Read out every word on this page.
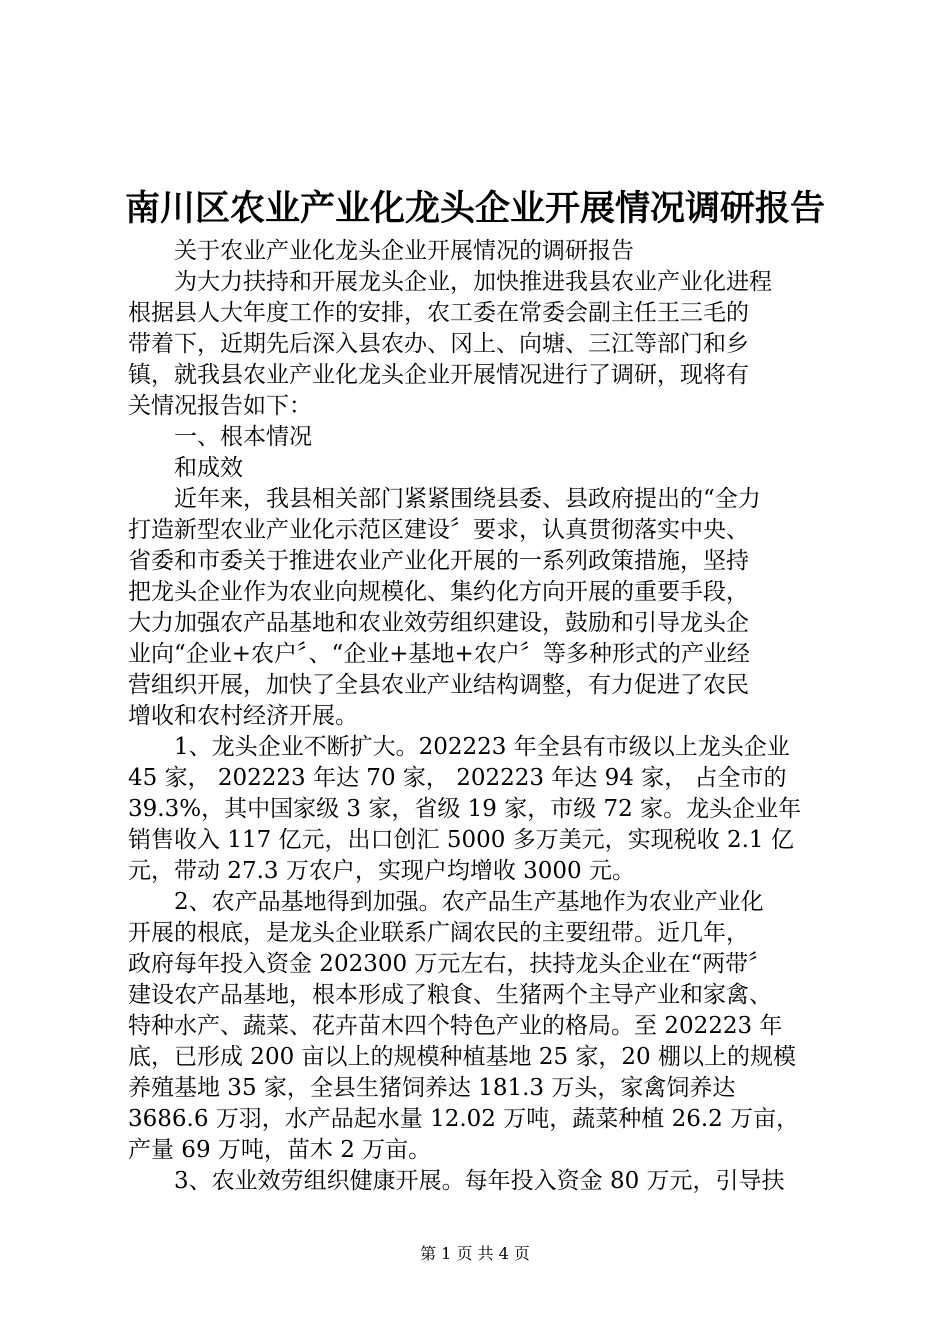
南川区农业产业化龙头企业开展情况调研报告
关于农业产业化龙头企业开展情况的调研报告
为大力扶持和开展龙头企业，加快推进我县农业产业化进程
根据县人大年度工作的安排，农工委在常委会副主任王三毛的
带着下，近期先后深入县农办、冈上、向塘、三江等部门和乡
镇，就我县农业产业化龙头企业开展情况进行了调研，现将有
关情况报告如下：
一、根本情况
和成效
近年来，我县相关部门紧紧围绕县委、县政府提出的“全力
打造新型农业产业化示范区建设〞要求，认真贯彻落实中央、
省委和市委关于推进农业产业化开展的一系列政策措施，坚持
把龙头企业作为农业向规模化、集约化方向开展的重要手段，
大力加强农产品基地和农业效劳组织建设，鼓励和引导龙头企
业向“企业+农户〞、“企业+基地+农户〞等多种形式的产业经
营组织开展，加快了全县农业产业结构调整，有力促进了农民
增收和农村经济开展。
1、龙头企业不断扩大。202223 年全县有市级以上龙头企业
45 家， 202223 年达 70 家， 202223 年达 94 家， 占全市的
39.3%，其中国家级 3 家，省级 19 家，市级 72 家。龙头企业年
销售收入 117 亿元，出口创汇 5000 多万美元，实现税收 2.1 亿
元，带动 27.3 万农户，实现户均增收 3000 元。
2、农产品基地得到加强。农产品生产基地作为农业产业化
开展的根底，是龙头企业联系广阔农民的主要纽带。近几年，
政府每年投入资金 202300 万元左右，扶持龙头企业在“两带〞
建设农产品基地，根本形成了粮食、生猪两个主导产业和家禽、
特种水产、蔬菜、花卉苗木四个特色产业的格局。至 202223 年
底，已形成 200 亩以上的规模种植基地 25 家，20 棚以上的规模
养殖基地 35 家，全县生猪饲养达 181.3 万头，家禽饲养达
3686.6 万羽，水产品起水量 12.02 万吨，蔬菜种植 26.2 万亩，
产量 69 万吨，苗木 2 万亩。
3、农业效劳组织健康开展。每年投入资金 80 万元，引导扶
第 1 页 共 4 页
